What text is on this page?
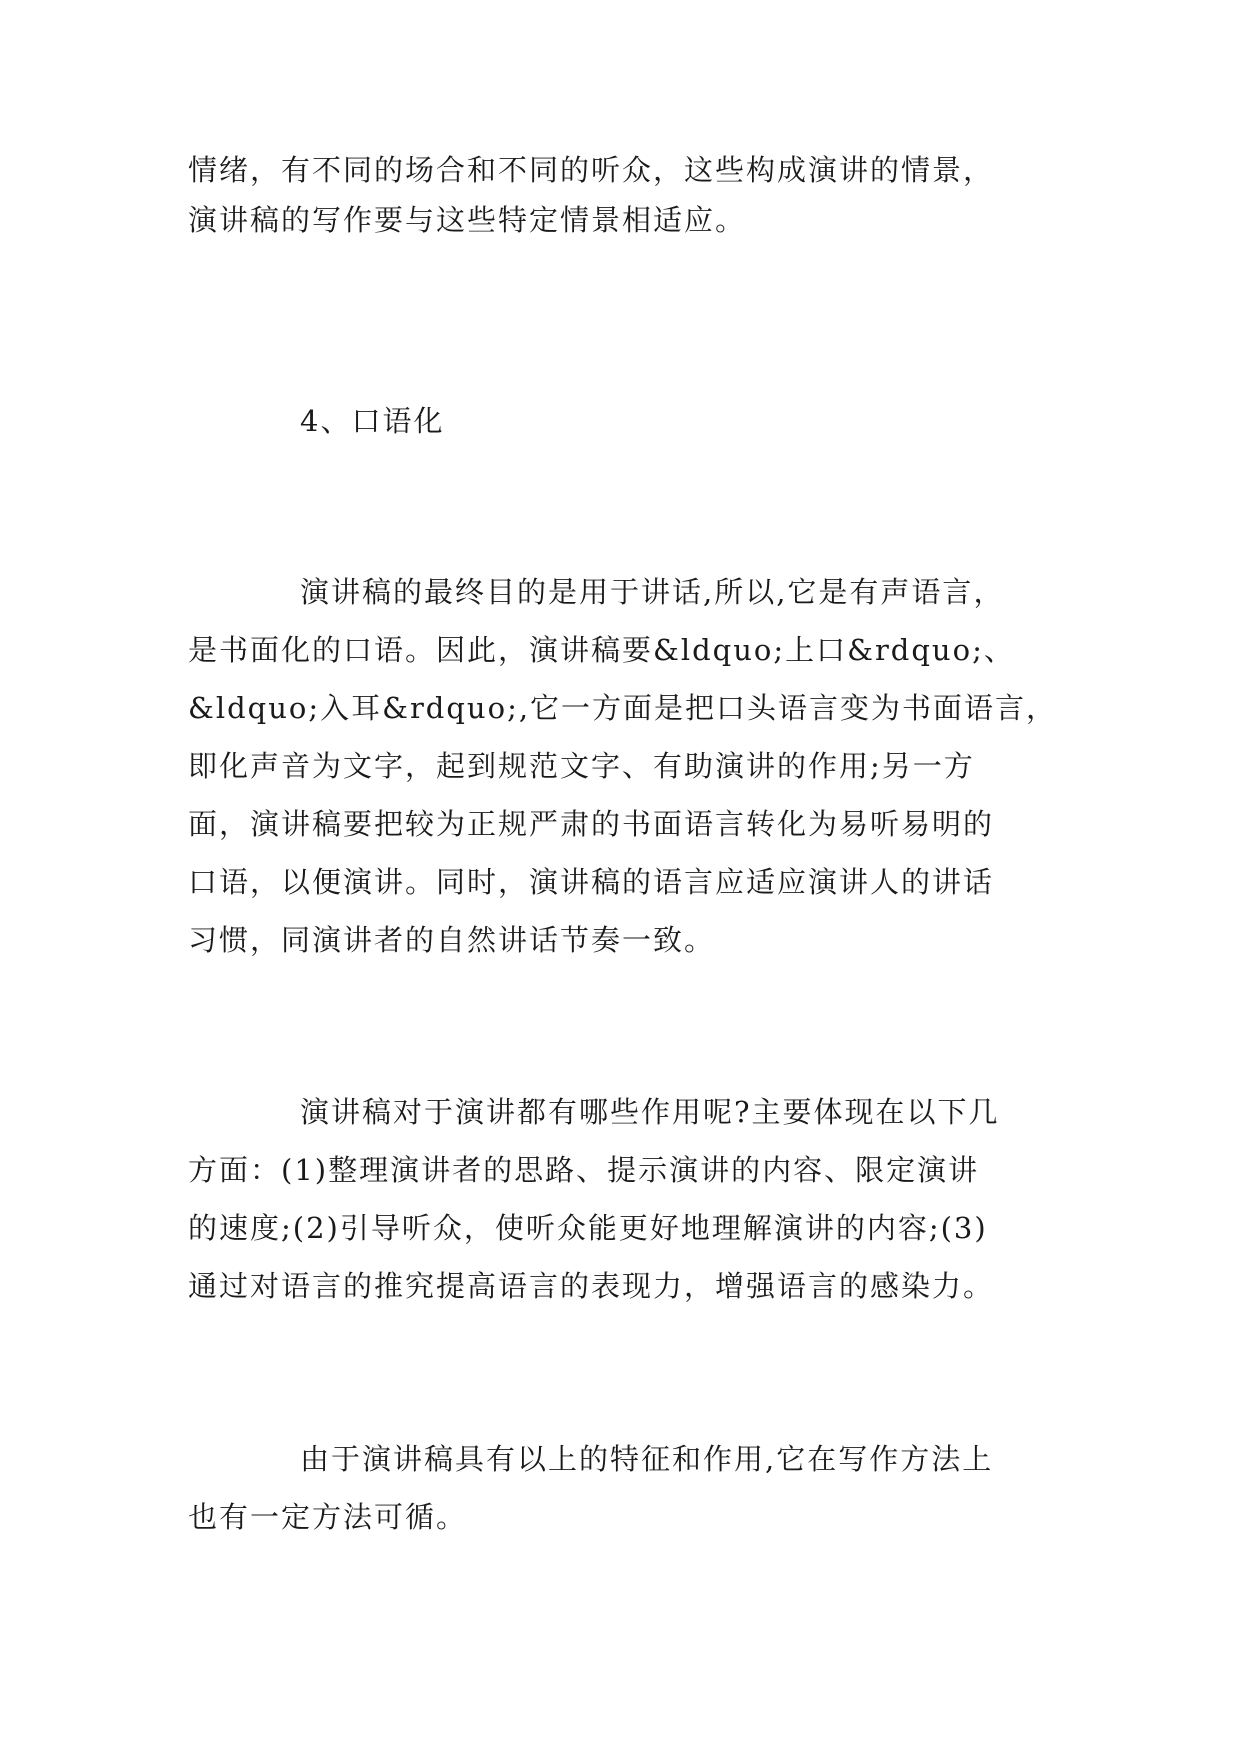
情绪，有不同的场合和不同的听众，这些构成演讲的情景，
演讲稿的写作要与这些特定情景相适应。
4、口语化
演讲稿的最终目的是用于讲话,所以,它是有声语言，
是书面化的口语。因此，演讲稿要&ldquo;上口&rdquo;、
&ldquo;入耳&rdquo;,它一方面是把口头语言变为书面语言，
即化声音为文字，起到规范文字、有助演讲的作用;另一方
面，演讲稿要把较为正规严肃的书面语言转化为易听易明的
口语，以便演讲。同时，演讲稿的语言应适应演讲人的讲话
习惯，同演讲者的自然讲话节奏一致。
演讲稿对于演讲都有哪些作用呢?主要体现在以下几
方面：(1)整理演讲者的思路、提示演讲的内容、限定演讲
的速度;(2)引导听众，使听众能更好地理解演讲的内容;(3)
通过对语言的推究提高语言的表现力，增强语言的感染力。
由于演讲稿具有以上的特征和作用,它在写作方法上
也有一定方法可循。
